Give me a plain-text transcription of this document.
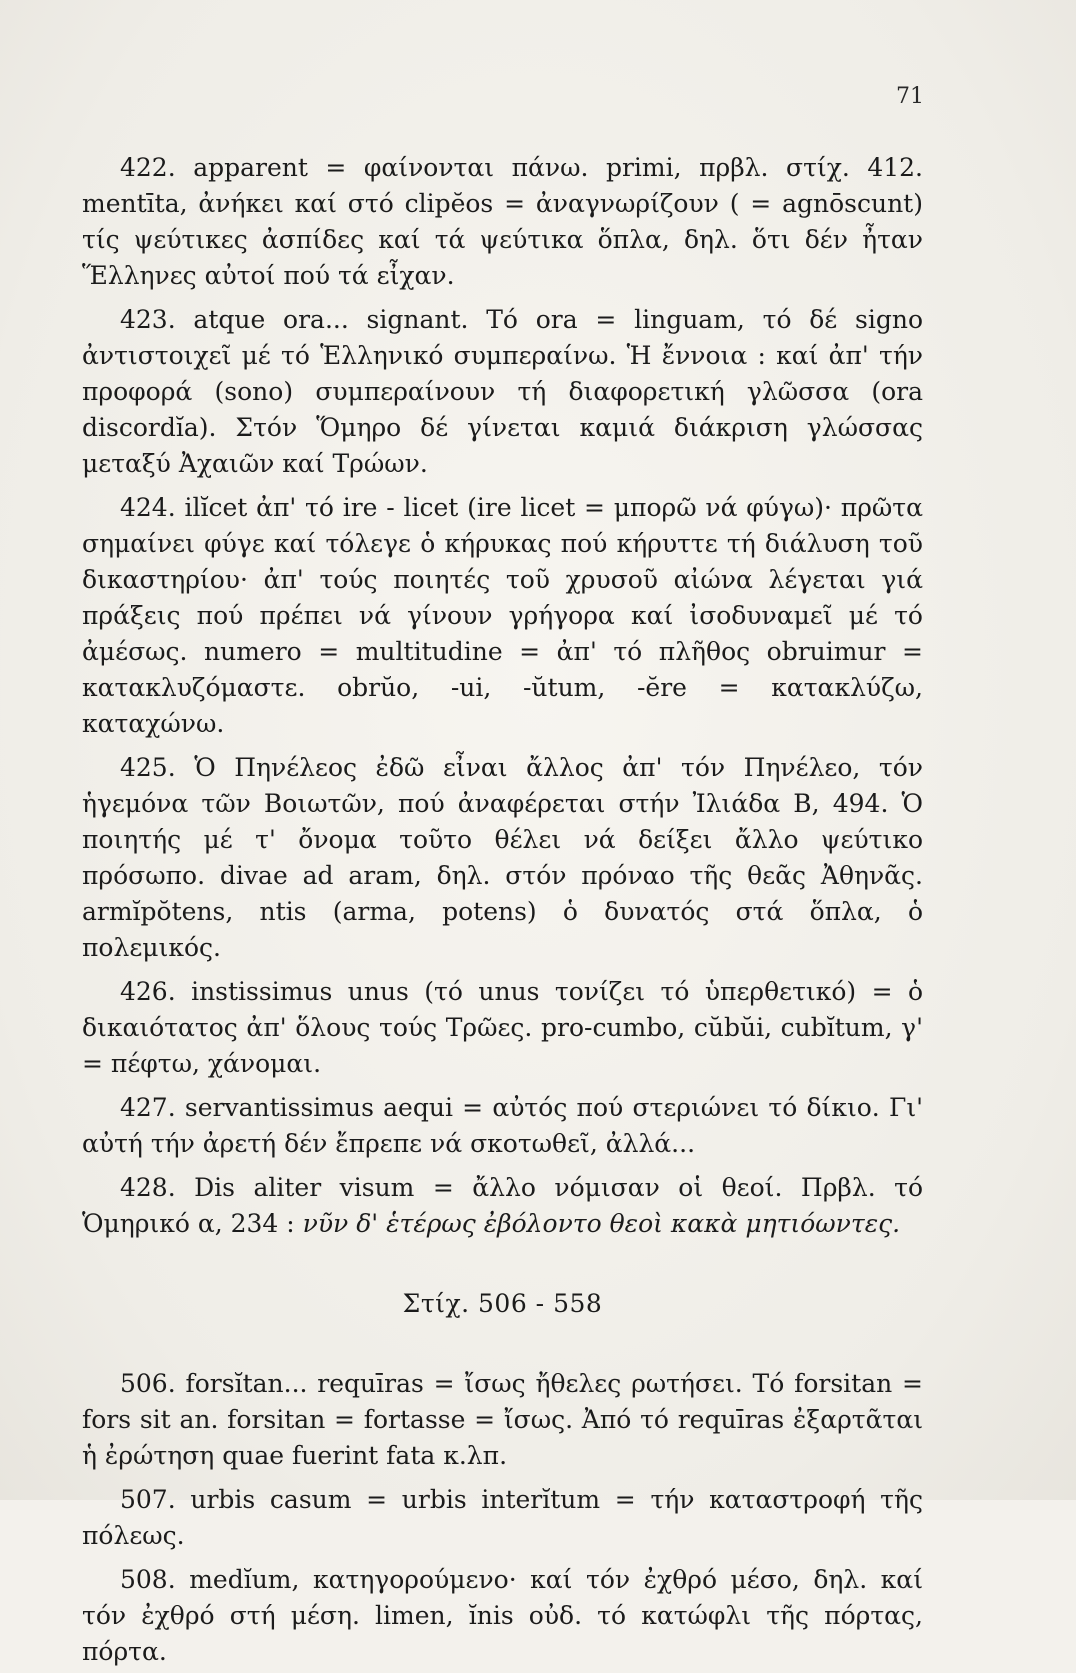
71

422. apparent = φαίνονται πάνω. primi, πρβλ. στίχ. 412. mentīta, ἀνήκει καί στό clipĕos = ἀναγνωρίζουν ( = agnōscunt) τίς ψεύτικες ἀσπίδες καί τά ψεύτικα ὅπλα, δηλ. ὅτι δέν ἦταν Ἕλληνες αὐτοί πού τά εἶχαν.

423. atque ora... signant. Τό ora = linguam, τό δέ signo ἀντιστοιχεῖ μέ τό Ἑλληνικό συμπεραίνω. Ἡ ἔννοια : καί ἀπ' τήν προφορά (sono) συμπεραίνουν τή διαφορετική γλῶσσα (ora discordĭa). Στόν Ὅμηρο δέ γίνεται καμιά διάκριση γλώσσας μεταξύ Ἀχαιῶν καί Τρώων.

424. ilĭcet ἀπ' τό ire - licet (ire licet = μπορῶ νά φύγω)· πρῶτα σημαίνει φύγε καί τόλεγε ὁ κήρυκας πού κήρυττε τή διάλυση τοῦ δικαστηρίου· ἀπ' τούς ποιητές τοῦ χρυσοῦ αἰώνα λέγεται γιά πράξεις πού πρέπει νά γίνουν γρήγορα καί ἰσοδυναμεῖ μέ τό ἀμέσως. numero = multitudine = ἀπ' τό πλῆθος obruimur = κατακλυζόμαστε. obrŭo, -ui, -ŭtum, -ĕre = κατακλύζω, καταχώνω.

425. Ὁ Πηνέλεος ἐδῶ εἶναι ἄλλος ἀπ' τόν Πηνέλεο, τόν ἡγεμόνα τῶν Βοιωτῶν, πού ἀναφέρεται στήν Ἰλιάδα Β, 494. Ὁ ποιητής μέ τ' ὄνομα τοῦτο θέλει νά δείξει ἄλλο ψεύτικο πρόσωπο. divae ad aram, δηλ. στόν πρόναο τῆς θεᾶς Ἀθηνᾶς. armĭpŏtens, ntis (arma, potens) ὁ δυνατός στά ὅπλα, ὁ πολεμικός.

426. instissimus unus (τό unus τονίζει τό ὑπερθετικό) = ὁ δικαιότατος ἀπ' ὅλους τούς Τρῶες. pro-cumbo, cŭbŭi, cubĭtum, γ' = πέφτω, χάνομαι.

427. servantissimus aequi = αὐτός πού στεριώνει τό δίκιο. Γι' αὐτή τήν ἀρετή δέν ἔπρεπε νά σκοτωθεῖ, ἀλλά...

428. Dis aliter visum = ἄλλο νόμισαν οἱ θεοί. Πρβλ. τό Ὁμηρικό α, 234 : νῦν δ' ἑτέρως ἐβόλοντο θεοὶ κακὰ μητιόωντες.

Στίχ. 506 - 558

506. forsĭtan... requīras = ἴσως ἤθελες ρωτήσει. Τό forsitan = fors sit an. forsitan = fortasse = ἴσως. Ἀπό τό requīras ἐξαρτᾶται ἡ ἐρώτηση quae fuerint fata κ.λπ.

507. urbis casum = urbis interĭtum = τήν καταστροφή τῆς πόλεως.

508. medĭum, κατηγορούμενο· καί τόν ἐχθρό μέσο, δηλ. καί τόν ἐχθρό στή μέση. limen, ĭnis οὐδ. τό κατώφλι τῆς πόρτας, πόρτα.
